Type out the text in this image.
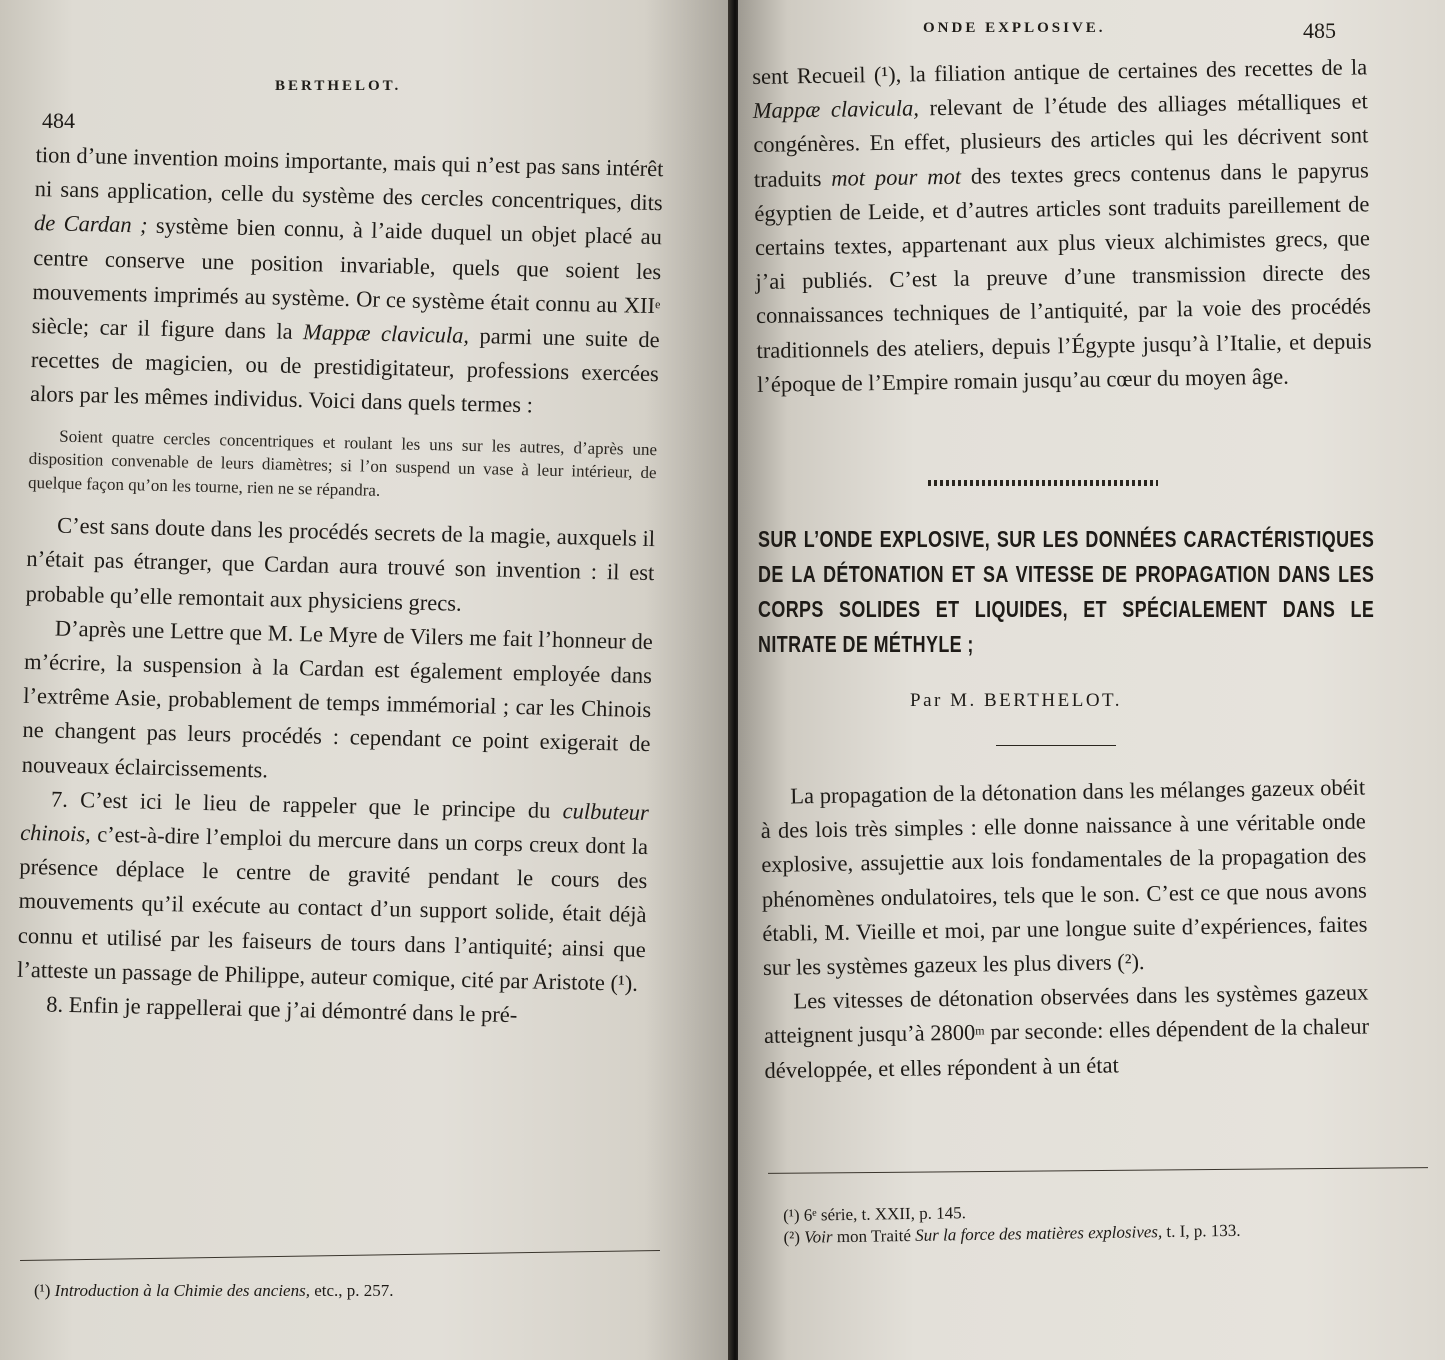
BERTHELOT.
484

tion d’une invention moins importante, mais qui n’est pas sans intérêt ni sans application, celle du système des cercles concentriques, dits de Cardan ; système bien connu, à l’aide duquel un objet placé au centre conserve une position invariable, quels que soient les mouvements imprimés au système. Or ce système était connu au XIIe siècle; car il figure dans la Mappæ clavicula, parmi une suite de recettes de magicien, ou de prestidigitateur, professions exercées alors par les mêmes individus. Voici dans quels termes :

Soient quatre cercles concentriques et roulant les uns sur les autres, d’après une disposition convenable de leurs diamètres; si l’on suspend un vase à leur intérieur, de quelque façon qu’on les tourne, rien ne se répandra.

C’est sans doute dans les procédés secrets de la magie, auxquels il n’était pas étranger, que Cardan aura trouvé son invention : il est probable qu’elle remontait aux physiciens grecs.

D’après une Lettre que M. Le Myre de Vilers me fait l’honneur de m’écrire, la suspension à la Cardan est également employée dans l’extrême Asie, probablement de temps immémorial ; car les Chinois ne changent pas leurs procédés : cependant ce point exigerait de nouveaux éclaircissements.

7. C’est ici le lieu de rappeler que le principe du culbuteur chinois, c’est-à-dire l’emploi du mercure dans un corps creux dont la présence déplace le centre de gravité pendant le cours des mouvements qu’il exécute au contact d’un support solide, était déjà connu et utilisé par les faiseurs de tours dans l’antiquité; ainsi que l’atteste un passage de Philippe, auteur comique, cité par Aristote (¹).

8. Enfin je rappellerai que j’ai démontré dans le pré-

(¹) Introduction à la Chimie des anciens, etc., p. 257.

ONDE EXPLOSIVE.	485

sent Recueil (¹), la filiation antique de certaines des recettes de la Mappæ clavicula, relevant de l’étude des alliages métalliques et congénères. En effet, plusieurs des articles qui les décrivent sont traduits mot pour mot des textes grecs contenus dans le papyrus égyptien de Leide, et d’autres articles sont traduits pareillement de certains textes, appartenant aux plus vieux alchimistes grecs, que j’ai publiés. C’est la preuve d’une transmission directe des connaissances techniques de l’antiquité, par la voie des procédés traditionnels des ateliers, depuis l’Égypte jusqu’à l’Italie, et depuis l’époque de l’Empire romain jusqu’au cœur du moyen âge.

SUR L’ONDE EXPLOSIVE, SUR LES DONNÉES CARACTÉRISTIQUES DE LA DÉTONATION ET SA VITESSE DE PROPAGATION DANS LES CORPS SOLIDES ET LIQUIDES, ET SPÉCIALEMENT DANS LE NITRATE DE MÉTHYLE ;
Par M. BERTHELOT.

La propagation de la détonation dans les mélanges gazeux obéit à des lois très simples : elle donne naissance à une véritable onde explosive, assujettie aux lois fondamentales de la propagation des phénomènes ondulatoires, tels que le son. C’est ce que nous avons établi, M. Vieille et moi, par une longue suite d’expériences, faites sur les systèmes gazeux les plus divers (²).

Les vitesses de détonation observées dans les systèmes gazeux atteignent jusqu’à 2800$^m$ par seconde: elles dépendent de la chaleur développée, et elles répondent à un état

(¹) 6ᵉ série, t. XXII, p. 145.

(²) Voir mon Traité Sur la force des matières explosives, t. I, p. 133.
